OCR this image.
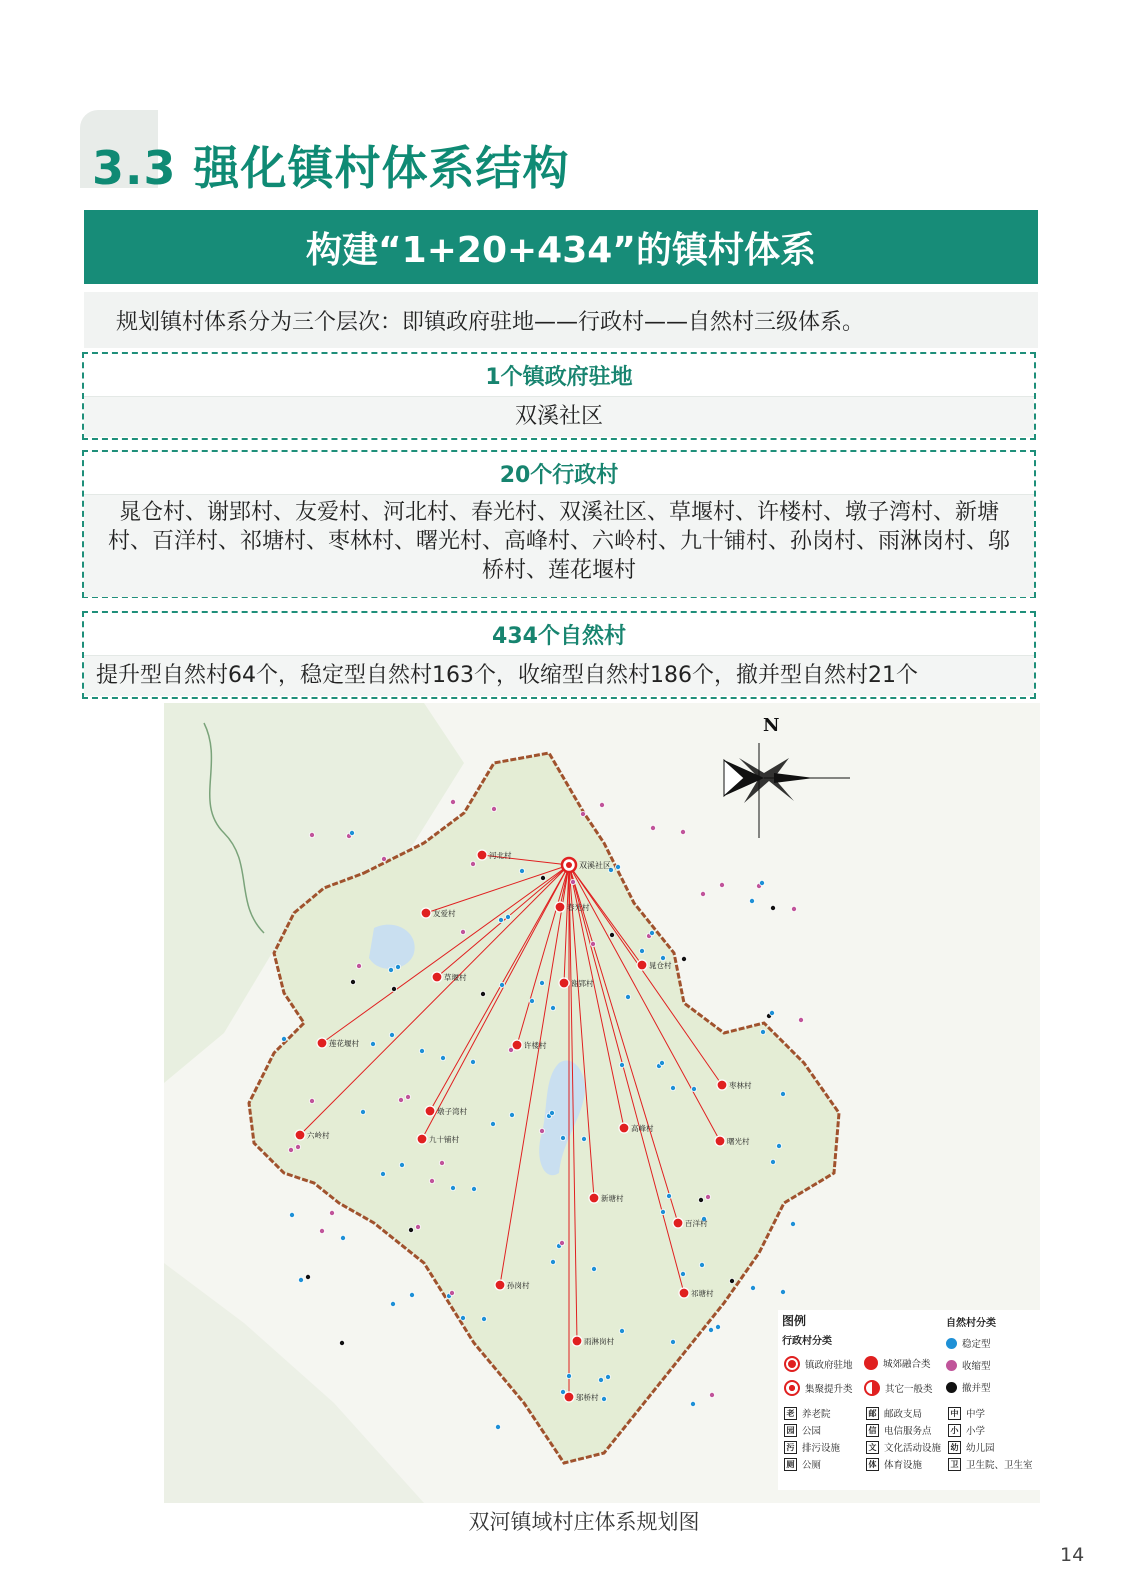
3.3 强化镇村体系结构
构建“1+20+434”的镇村体系
规划镇村体系分为三个层次：即镇政府驻地——行政村——自然村三级体系。
1个镇政府驻地
双溪社区
20个行政村
晁仓村、谢郢村、友爱村、河北村、春光村、双溪社区、草堰村、许楼村、墩子湾村、新塘村、百洋村、祁塘村、枣林村、曙光村、高峰村、六岭村、九十铺村、孙岗村、雨淋岗村、邬桥村、莲花堰村
434个自然村
提升型自然村64个，稳定型自然村163个，收缩型自然村186个，撤并型自然村21个
河北村
春光村
友爱村
草堰村
晁仓村
谢郢村
莲花堰村	许楼村
墩子湾村
九十铺村
六岭村
高峰村
枣林村
曙光村
新塘村
百洋村
孙岗村
祁塘村
雨淋岗村
邬桥村
双溪社区
N
图例
行政村分类
自然村分类
镇政府驻地	城郊融合类
集聚提升类	其它一般类
稳定型
收缩型
撤并型
老 养老院	邮 邮政支局	中 中学
园 公园	信 电信服务点	小 小学
污 排污设施	文 文化活动设施	幼 幼儿园
厕 公厕	体 体育设施	卫 卫生院、卫生室
双河镇域村庄体系规划图
14
